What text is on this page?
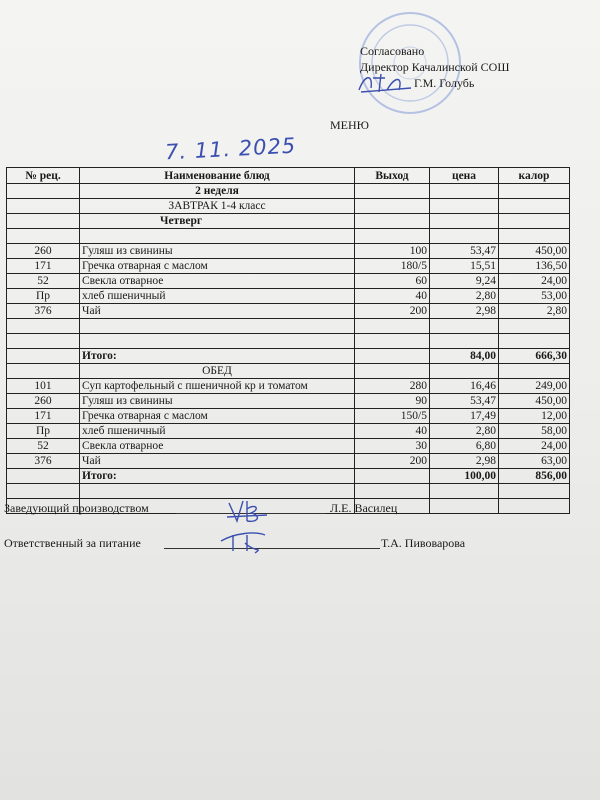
Согласовано
Директор Качалинской СОШ
Г.М. Голубь
МЕНЮ
7. 11. 2025
№ рец.	Наименование блюд	Выход	цена	калор
	2 неделя			
	ЗАВТРАК 1-4 класс			
	Четверг			

260	Гуляш из свинины	100	53,47	450,00
171	Гречка отварная с маслом	180/5	15,51	136,50
52	Свекла отварное	60	9,24	24,00
Пр	хлеб пшеничный	40	2,80	53,00
376	Чай	200	2,98	2,80

	Итого:		84,00	666,30
	ОБЕД			
101	Суп картофельный с пшеничной кр и томатом	280	16,46	249,00
260	Гуляш из свинины	90	53,47	450,00
171	Гречка отварная с маслом	150/5	17,49	12,00
Пр	хлеб пшеничный	40	2,80	58,00
52	Свекла отварное	30	6,80	24,00
376	Чай	200	2,98	63,00
	Итого:		100,00	856,00

Заведующий производством	Л.Е. Василец
Ответственный за питание	Т.А. Пивоварова
